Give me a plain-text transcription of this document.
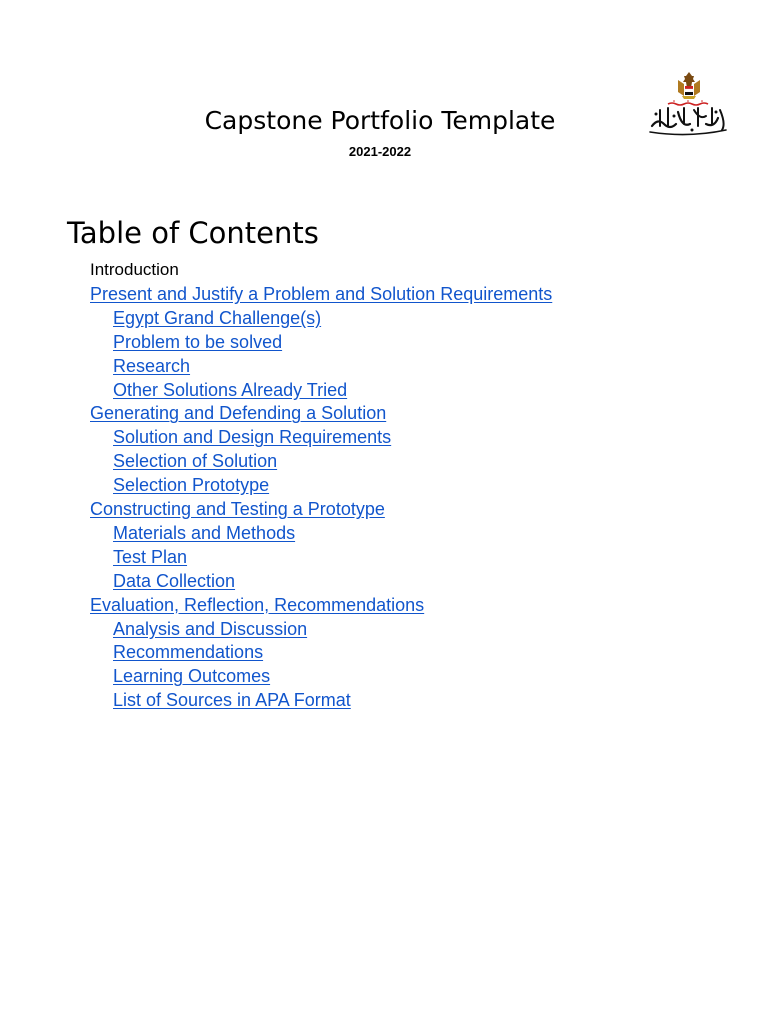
Capstone Portfolio Template
2021-2022
Table of Contents
Introduction
Present and Justify a Problem and Solution Requirements
Egypt Grand Challenge(s)
Problem to be solved
Research
Other Solutions Already Tried
Generating and Defending a Solution
Solution and Design Requirements
Selection of Solution
Selection Prototype
Constructing and Testing a Prototype
Materials and Methods
Test Plan
Data Collection
Evaluation, Reflection, Recommendations
Analysis and Discussion
Recommendations
Learning Outcomes
List of Sources in APA Format
